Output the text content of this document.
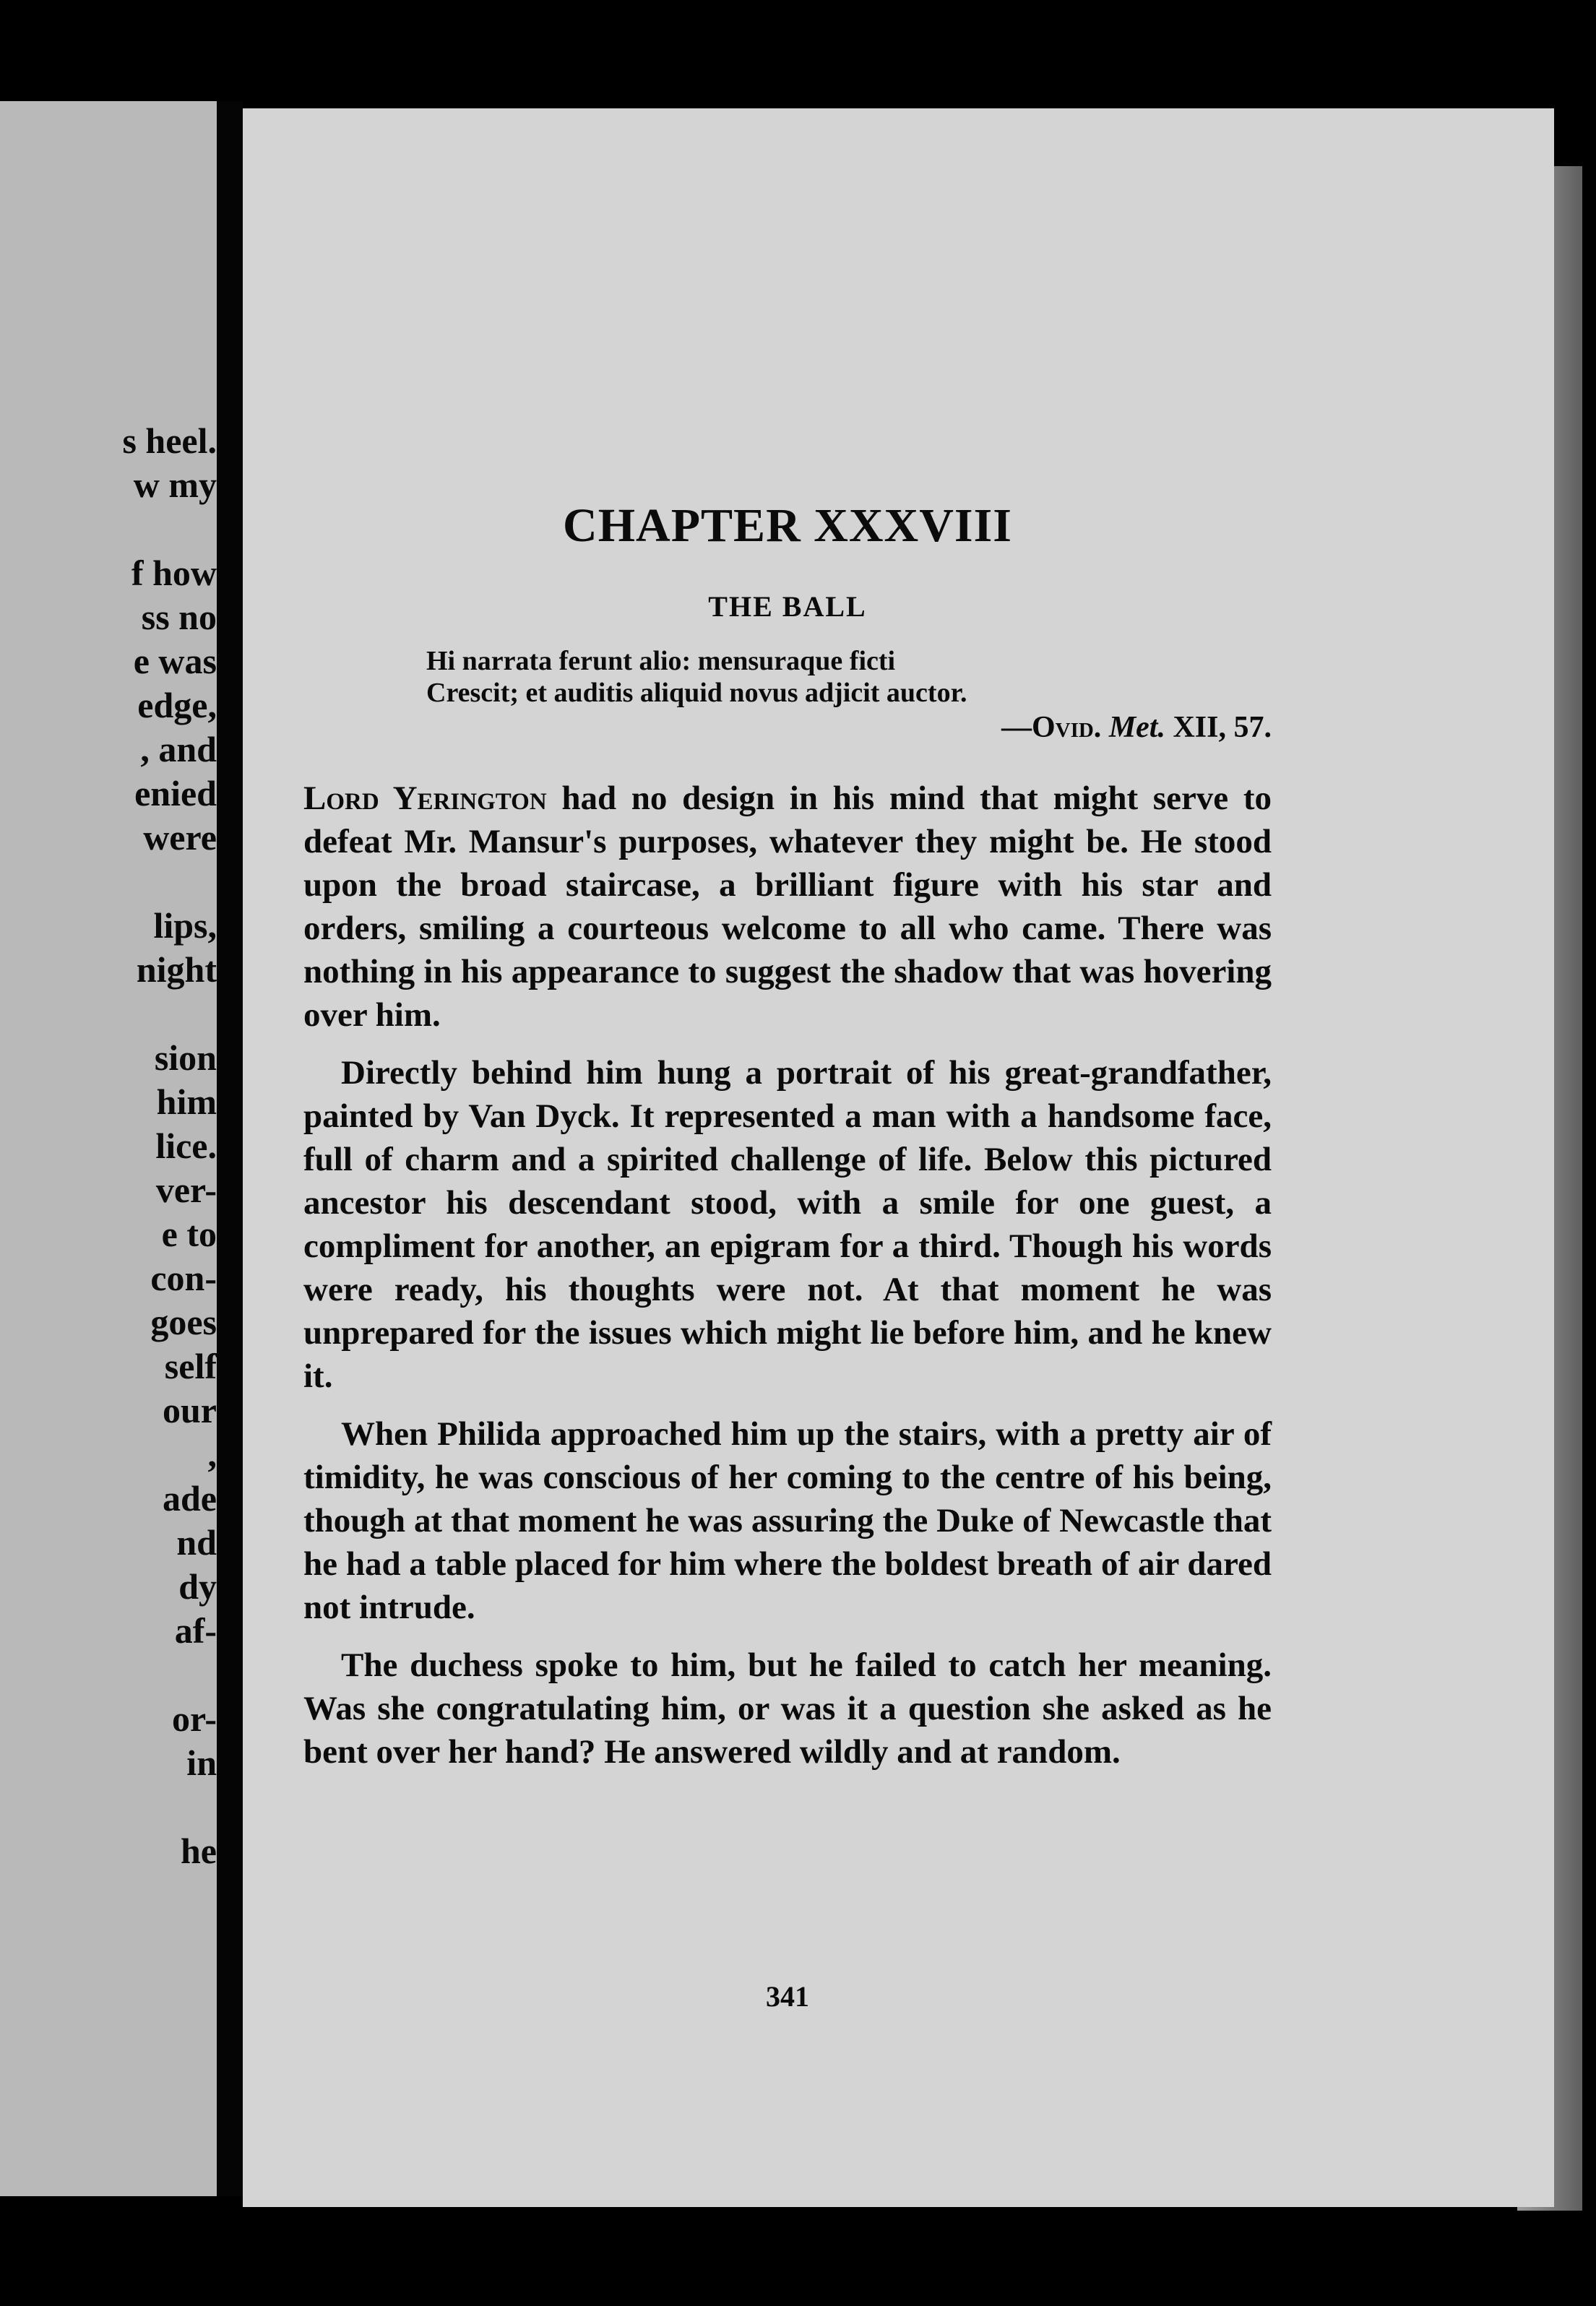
s heel.
w my
f how
ss no
e was
edge,
, and
enied
were
lips,
night
sion
him
lice.
ver-
e to
con-
goes
self
our
,
ade
nd
dy
af-
or-
in
he
CHAPTER XXXVIII
THE BALL
Hi narrata ferunt alio: mensuraque ficti
Crescit; et auditis aliquid novus adjicit auctor.
—Ovid. Met. XII, 57.

Lord Yerington had no design in his mind that might serve to defeat Mr. Mansur's purposes, whatever they might be. He stood upon the broad staircase, a brilliant figure with his star and orders, smiling a courteous welcome to all who came. There was nothing in his appearance to suggest the shadow that was hovering over him.

Directly behind him hung a portrait of his great-grandfather, painted by Van Dyck. It represented a man with a handsome face, full of charm and a spirited challenge of life. Below this pictured ancestor his descendant stood, with a smile for one guest, a compliment for another, an epigram for a third. Though his words were ready, his thoughts were not. At that moment he was unprepared for the issues which might lie before him, and he knew it.

When Philida approached him up the stairs, with a pretty air of timidity, he was conscious of her coming to the centre of his being, though at that moment he was assuring the Duke of Newcastle that he had a table placed for him where the boldest breath of air dared not intrude.

The duchess spoke to him, but he failed to catch her meaning. Was she congratulating him, or was it a question she asked as he bent over her hand? He answered wildly and at random.

341
